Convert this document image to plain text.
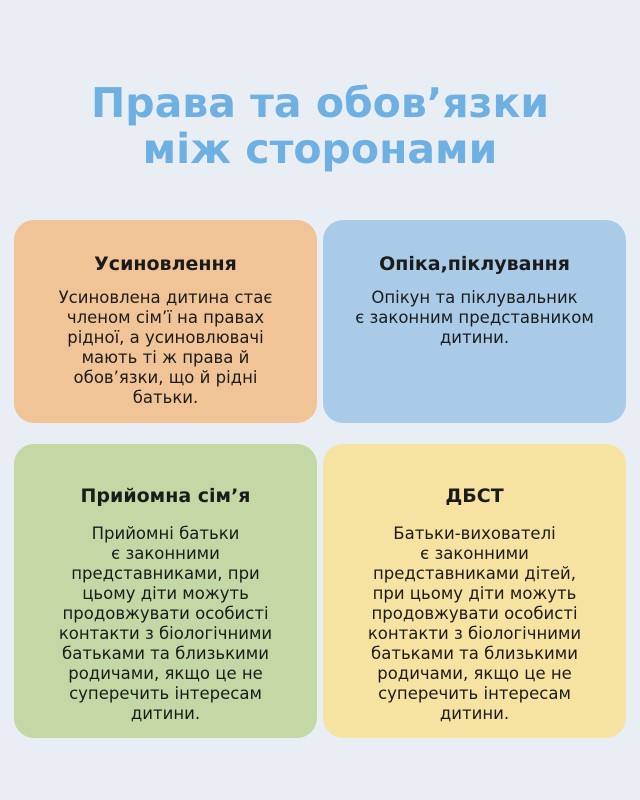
Права та обов’язки
між сторонами
Усиновлення

Усиновлена дитина стає
членом сім’ї на правах
рідної, а усиновлювачі
мають ті ж права й
обов’язки, що й рідні
батьки.

Опіка,піклування

Опікун та піклувальник
є законним представником
дитини.

Прийомна сім’я

Прийомні батьки
є законними
представниками, при
цьому діти можуть
продовжувати особисті
контакти з біологічними
батьками та близькими
родичами, якщо це не
суперечить інтересам
дитини.

ДБСТ

Батьки-вихователі
є законними
представниками дітей,
при цьому діти можуть
продовжувати особисті
контакти з біологічними
батьками та близькими
родичами, якщо це не
суперечить інтересам
дитини.
